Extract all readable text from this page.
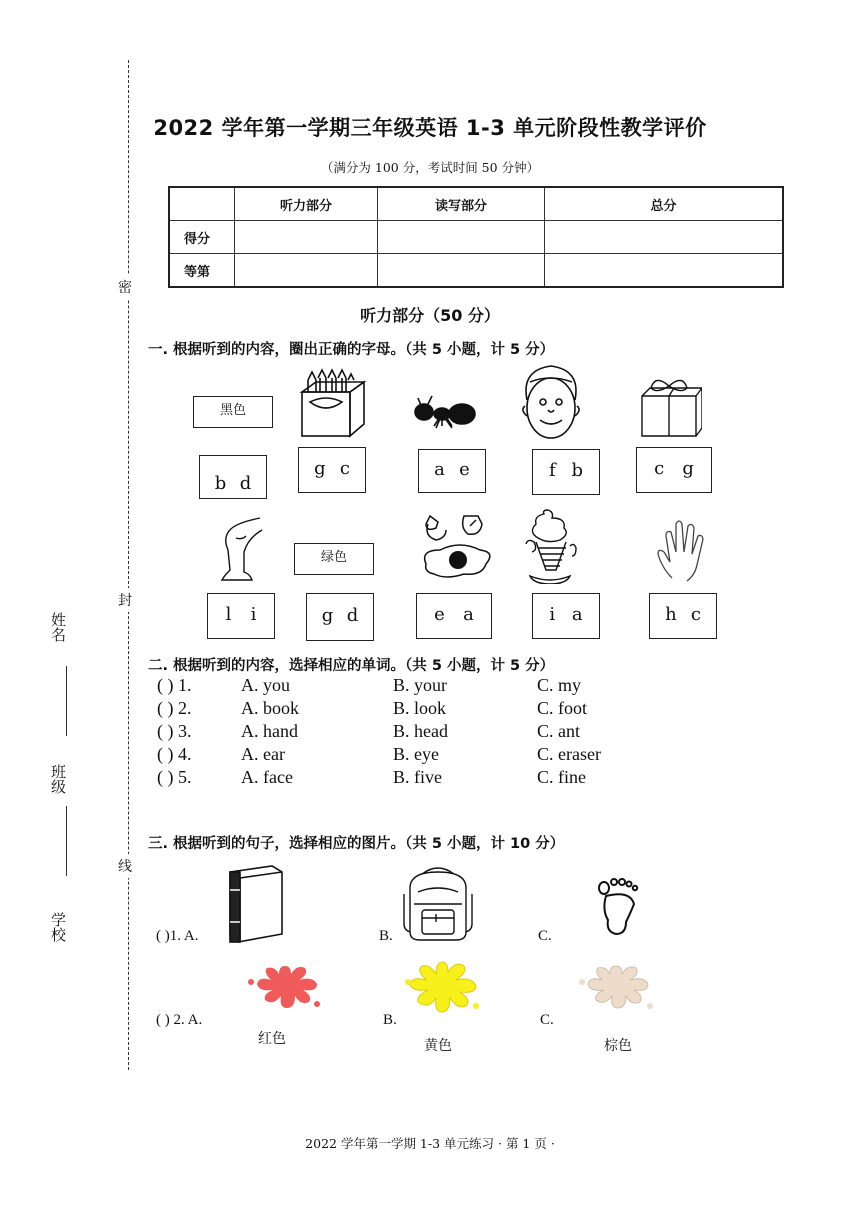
2022 学年第一学期三年级英语 1-3 单元阶段性教学评价
（满分为 100 分，考试时间 50 分钟）
密
封
线
姓名
班级
学校
	听力部分	读写部分	总分
得分			
等第			
听力部分（50 分）
一. 根据听到的内容，圈出正确的字母。（共 5 小题，计 5 分）
黑色
b d
g c	a e	f b	c g
绿色
l i	g d	e a	i a	h c
二. 根据听到的内容，选择相应的单词。（共 5 小题，计 5 分）
( ) 1.	A. you	B. your	C. my
( ) 2.	A. book	B. look	C. foot
( ) 3.	A. hand	B. head	C. ant
( ) 4.	A. ear	B. eye	C. eraser
( ) 5.	A. face	B. five	C. fine
三. 根据听到的句子，选择相应的图片。（共 5 小题，计 10 分）
( )1. A.	B.	C.
( ) 2. A.
红色
B.
黄色
C.
棕色
2022 学年第一学期 1-3 单元练习 · 第 1 页 ·
